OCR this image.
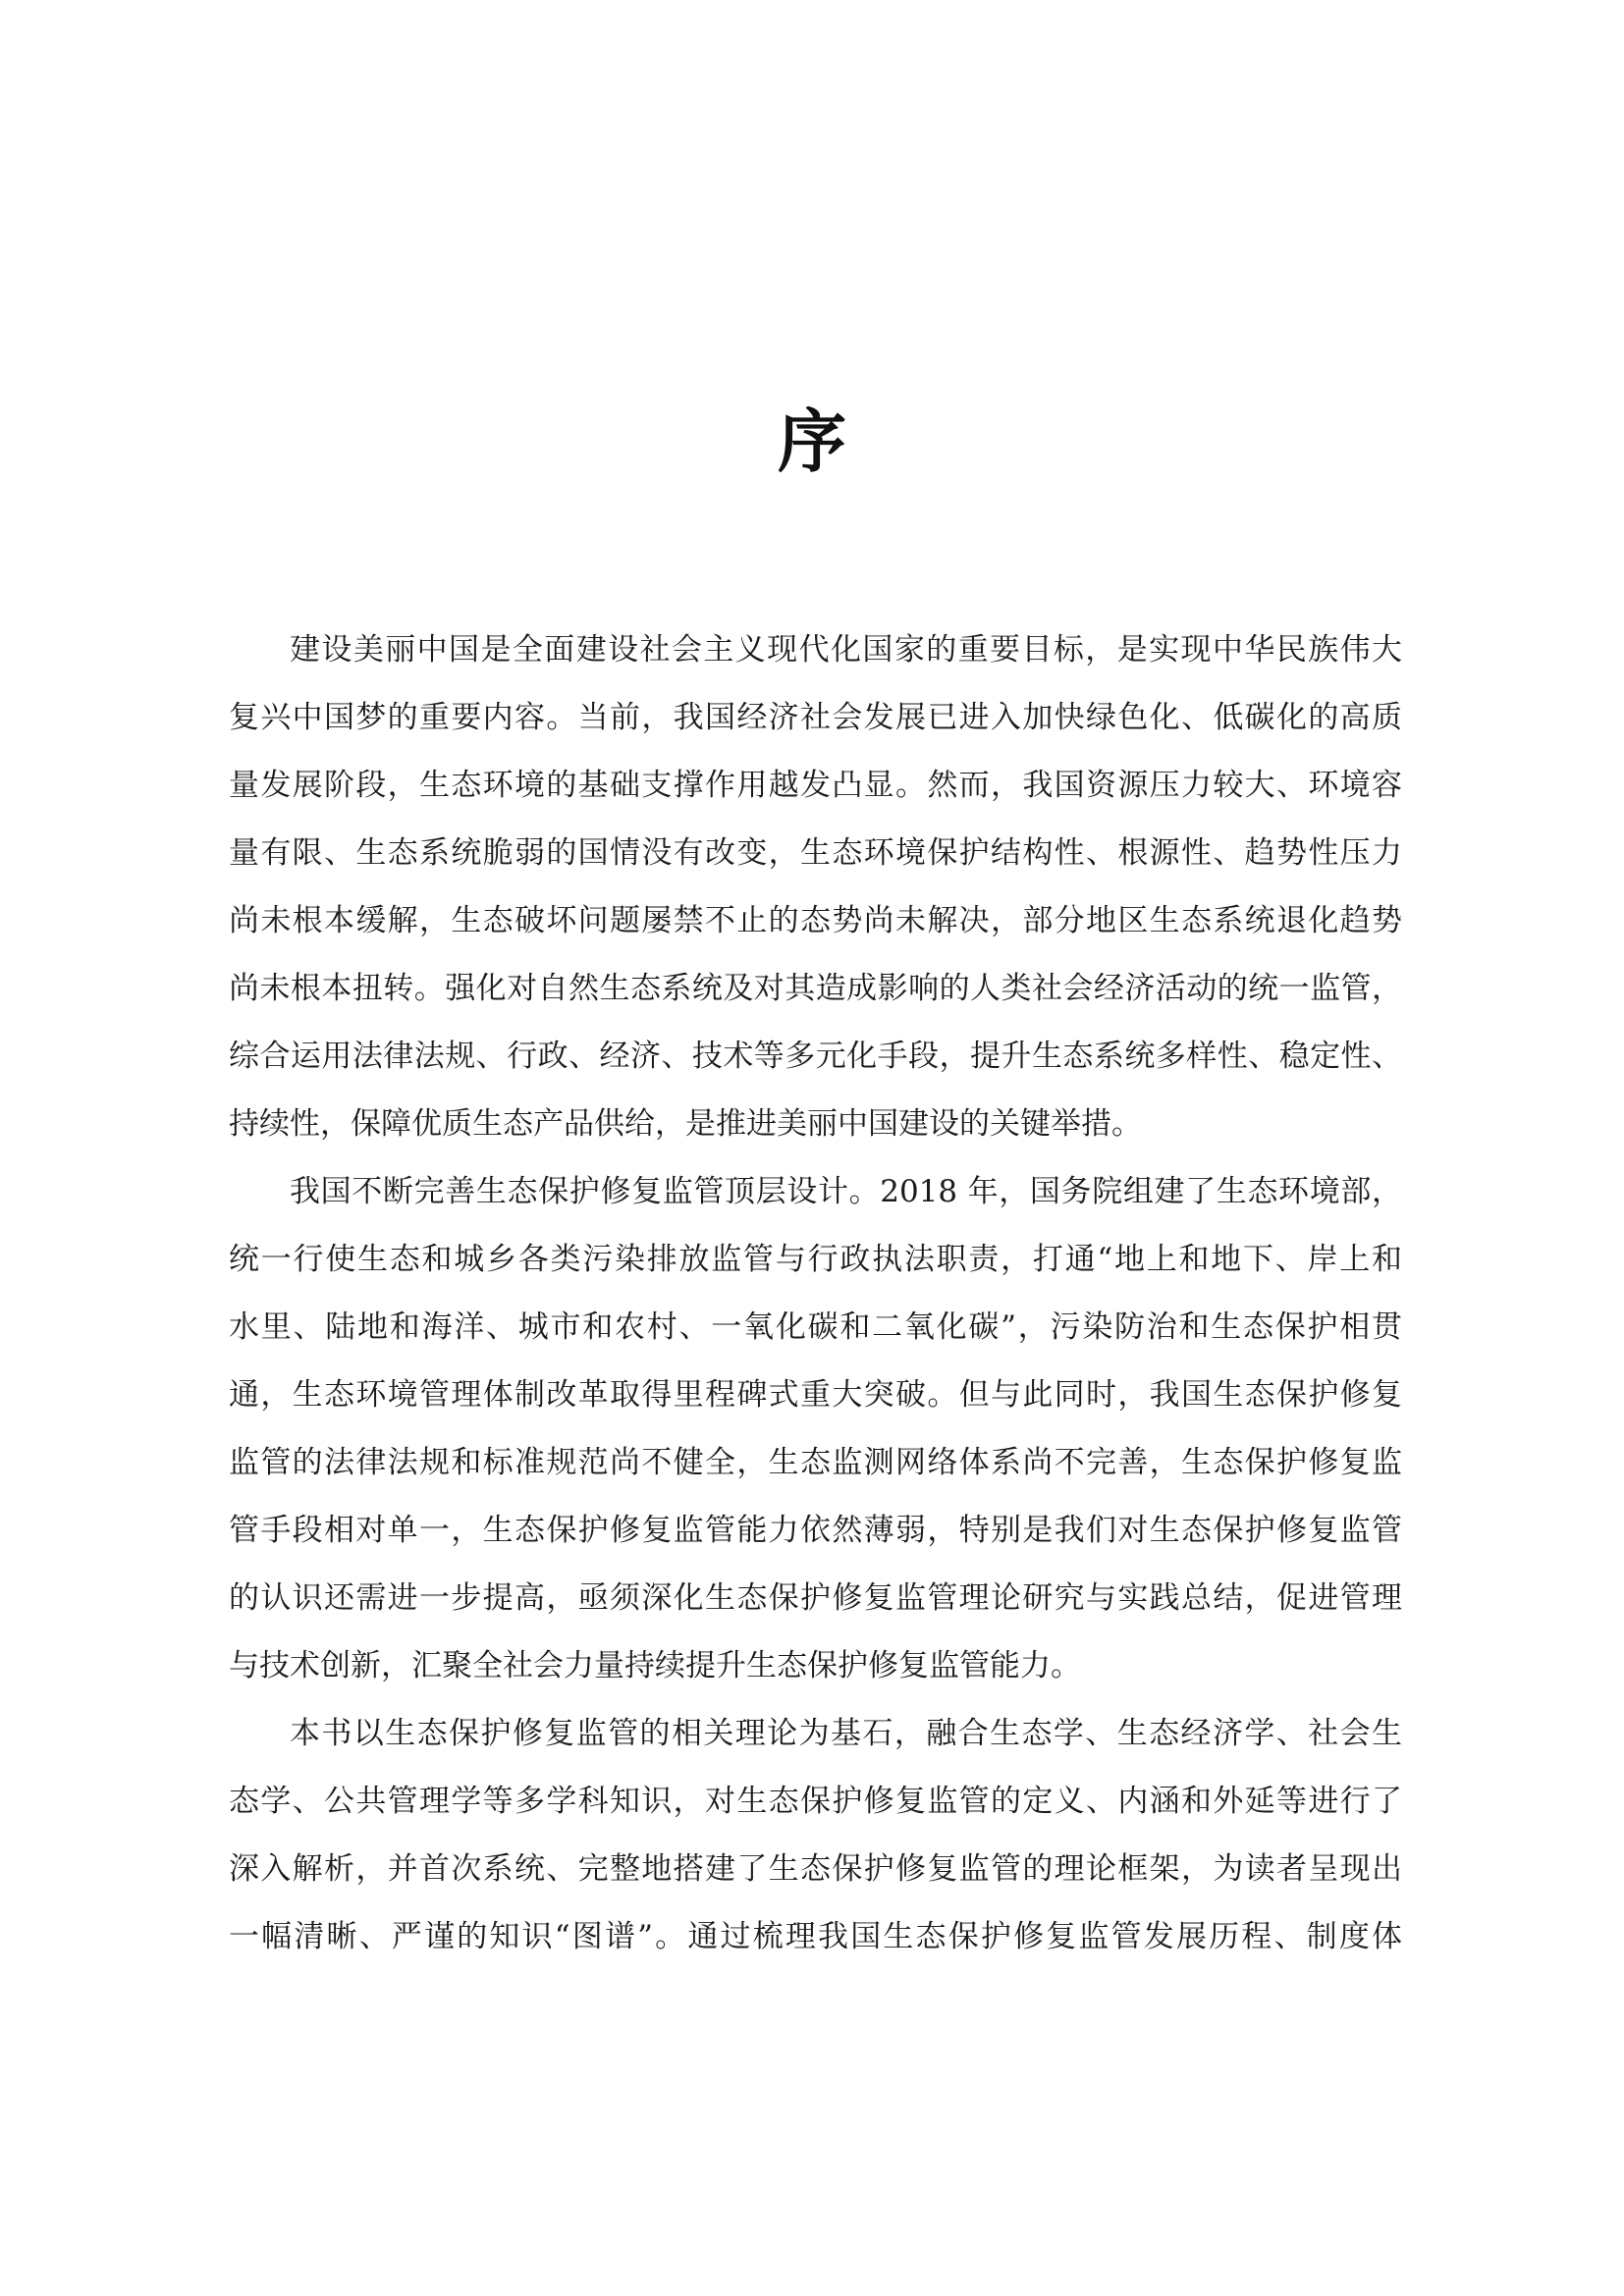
序
建设美丽中国是全面建设社会主义现代化国家的重要目标，是实现中华民族伟大
复兴中国梦的重要内容。当前，我国经济社会发展已进入加快绿色化、低碳化的高质
量发展阶段，生态环境的基础支撑作用越发凸显。然而，我国资源压力较大、环境容
量有限、生态系统脆弱的国情没有改变，生态环境保护结构性、根源性、趋势性压力
尚未根本缓解，生态破坏问题屡禁不止的态势尚未解决，部分地区生态系统退化趋势
尚未根本扭转。强化对自然生态系统及对其造成影响的人类社会经济活动的统一监管，
综合运用法律法规、行政、经济、技术等多元化手段，提升生态系统多样性、稳定性、
持续性，保障优质生态产品供给，是推进美丽中国建设的关键举措。
我国不断完善生态保护修复监管顶层设计。2018 年，国务院组建了生态环境部，
统一行使生态和城乡各类污染排放监管与行政执法职责，打通“地上和地下、岸上和
水里、陆地和海洋、城市和农村、一氧化碳和二氧化碳”，污染防治和生态保护相贯
通，生态环境管理体制改革取得里程碑式重大突破。但与此同时，我国生态保护修复
监管的法律法规和标准规范尚不健全，生态监测网络体系尚不完善，生态保护修复监
管手段相对单一，生态保护修复监管能力依然薄弱，特别是我们对生态保护修复监管
的认识还需进一步提高，亟须深化生态保护修复监管理论研究与实践总结，促进管理
与技术创新，汇聚全社会力量持续提升生态保护修复监管能力。
本书以生态保护修复监管的相关理论为基石，融合生态学、生态经济学、社会生
态学、公共管理学等多学科知识，对生态保护修复监管的定义、内涵和外延等进行了
深入解析，并首次系统、完整地搭建了生态保护修复监管的理论框架，为读者呈现出
一幅清晰、严谨的知识“图谱”。通过梳理我国生态保护修复监管发展历程、制度体
